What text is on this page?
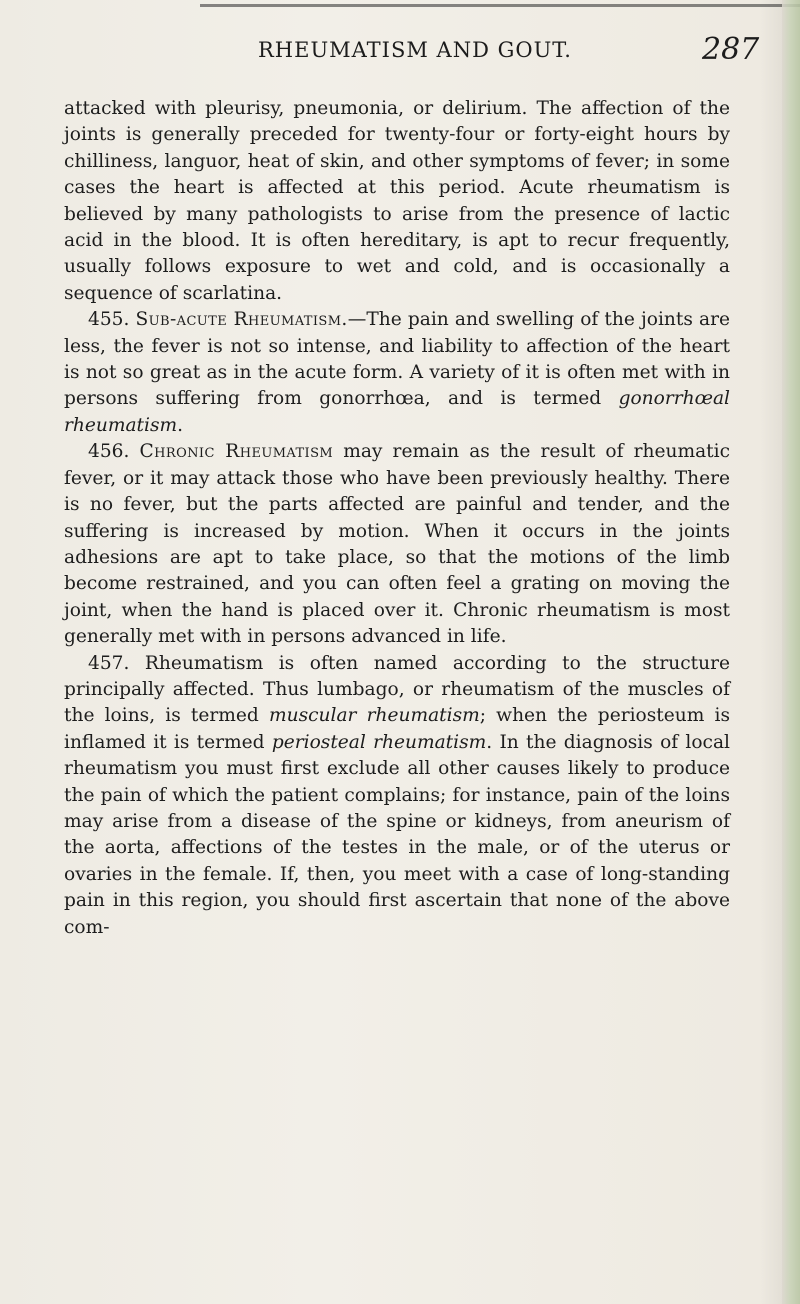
RHEUMATISM AND GOUT.	287

attacked with pleurisy, pneumonia, or delirium. The affection of the joints is generally preceded for twenty-four or forty-eight hours by chilliness, languor, heat of skin, and other symptoms of fever; in some cases the heart is affected at this period. Acute rheumatism is believed by many pathologists to arise from the presence of lactic acid in the blood. It is often hereditary, is apt to recur frequently, usually follows exposure to wet and cold, and is occasionally a sequence of scarlatina.

455. Sub-acute Rheumatism.—The pain and swelling of the joints are less, the fever is not so intense, and liability to affection of the heart is not so great as in the acute form. A variety of it is often met with in persons suffering from gonorrhœa, and is termed gonorrhœal rheumatism.

456. Chronic Rheumatism may remain as the result of rheumatic fever, or it may attack those who have been previously healthy. There is no fever, but the parts affected are painful and tender, and the suffering is increased by motion. When it occurs in the joints adhesions are apt to take place, so that the motions of the limb become restrained, and you can often feel a grating on moving the joint, when the hand is placed over it. Chronic rheumatism is most generally met with in persons advanced in life.

457. Rheumatism is often named according to the structure principally affected. Thus lumbago, or rheumatism of the muscles of the loins, is termed muscular rheumatism; when the periosteum is inflamed it is termed periosteal rheumatism. In the diagnosis of local rheumatism you must first exclude all other causes likely to produce the pain of which the patient complains; for instance, pain of the loins may arise from a disease of the spine or kidneys, from aneurism of the aorta, affections of the testes in the male, or of the uterus or ovaries in the female. If, then, you meet with a case of long-standing pain in this region, you should first ascertain that none of the above com-
